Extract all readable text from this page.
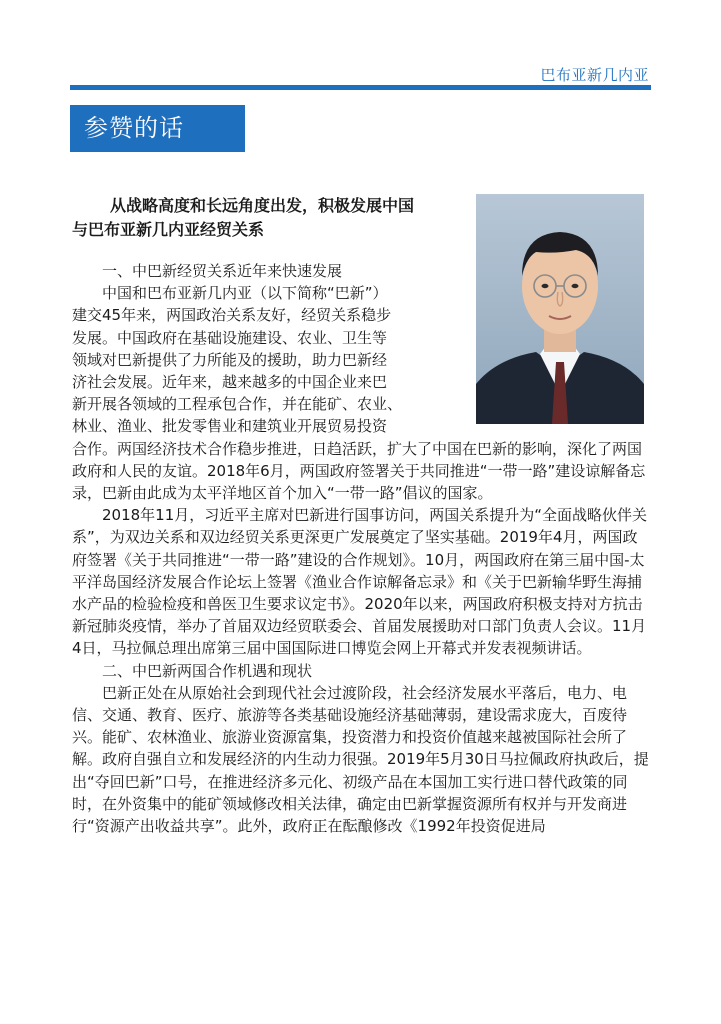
巴布亚新几内亚
参赞的话
从战略高度和长远角度出发，积极发展中国
与巴布亚新几内亚经贸关系

一、中巴新经贸关系近年来快速发展

中国和巴布亚新几内亚（以下简称“巴新”）
建交45年来，两国政治关系友好，经贸关系稳步
发展。中国政府在基础设施建设、农业、卫生等
领域对巴新提供了力所能及的援助，助力巴新经
济社会发展。近年来，越来越多的中国企业来巴
新开展各领域的工程承包合作，并在能矿、农业、
林业、渔业、批发零售业和建筑业开展贸易投资

合作。两国经济技术合作稳步推进，日趋活跃，扩大了中国在巴新的影响，深化了两国政府和人民的友谊。2018年6月，两国政府签署关于共同推进“一带一路”建设谅解备忘录，巴新由此成为太平洋地区首个加入“一带一路”倡议的国家。

2018年11月，习近平主席对巴新进行国事访问，两国关系提升为“全面战略伙伴关系”，为双边关系和双边经贸关系更深更广发展奠定了坚实基础。2019年4月，两国政府签署《关于共同推进“一带一路”建设的合作规划》。10月，两国政府在第三届中国-太平洋岛国经济发展合作论坛上签署《渔业合作谅解备忘录》和《关于巴新输华野生海捕水产品的检验检疫和兽医卫生要求议定书》。2020年以来，两国政府积极支持对方抗击新冠肺炎疫情，举办了首届双边经贸联委会、首届发展援助对口部门负责人会议。11月4日，马拉佩总理出席第三届中国国际进口博览会网上开幕式并发表视频讲话。

二、中巴新两国合作机遇和现状

巴新正处在从原始社会到现代社会过渡阶段，社会经济发展水平落后，电力、电信、交通、教育、医疗、旅游等各类基础设施经济基础薄弱，建设需求庞大，百废待兴。能矿、农林渔业、旅游业资源富集，投资潜力和投资价值越来越被国际社会所了解。政府自强自立和发展经济的内生动力很强。2019年5月30日马拉佩政府执政后，提出“夺回巴新”口号，在推进经济多元化、初级产品在本国加工实行进口替代政策的同时，在外资集中的能矿领域修改相关法律，确定由巴新掌握资源所有权并与开发商进行“资源产出收益共享”。此外，政府正在酝酿修改《1992年投资促进局
